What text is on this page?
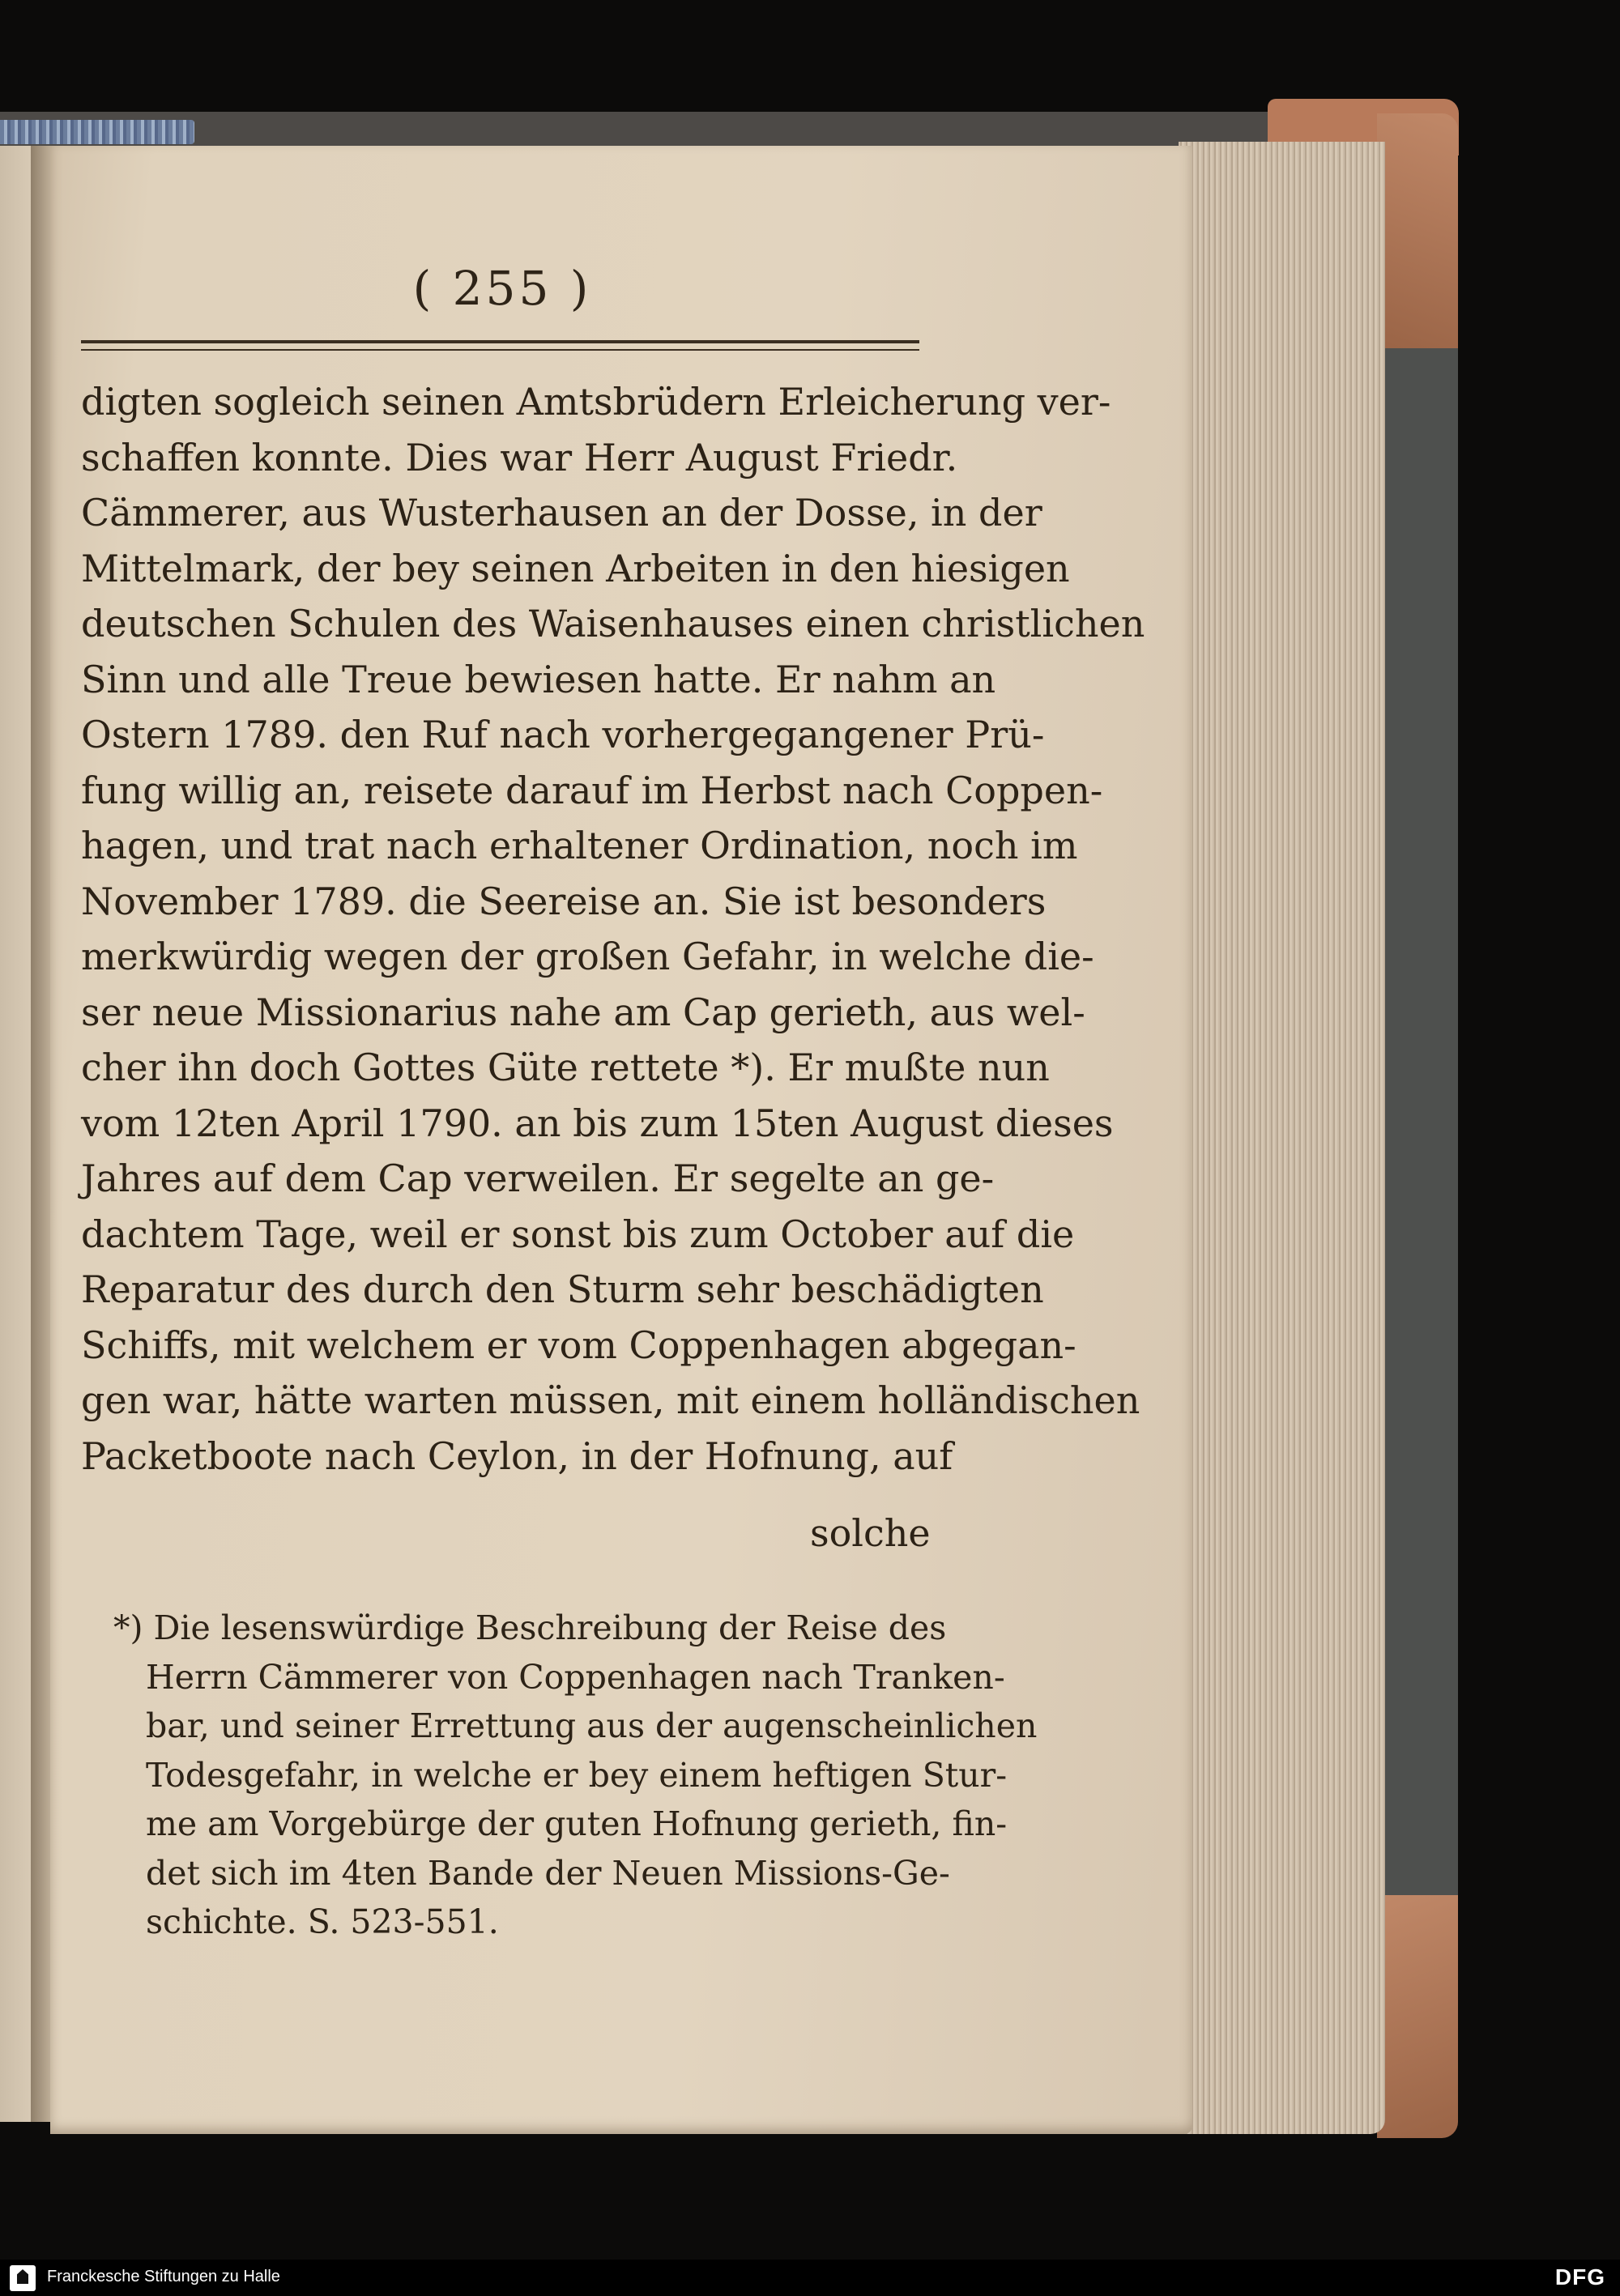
( 255 )
digten sogleich seinen Amtsbrüdern Erleicherung ver-
schaffen konnte. Dies war Herr August Friedr.
Cämmerer, aus Wusterhausen an der Dosse, in der
Mittelmark, der bey seinen Arbeiten in den hiesigen
deutschen Schulen des Waisenhauses einen christlichen
Sinn und alle Treue bewiesen hatte. Er nahm an
Ostern 1789. den Ruf nach vorhergegangener Prü-
fung willig an, reisete darauf im Herbst nach Coppen-
hagen, und trat nach erhaltener Ordination, noch im
November 1789. die Seereise an. Sie ist besonders
merkwürdig wegen der großen Gefahr, in welche die-
ser neue Missionarius nahe am Cap gerieth, aus wel-
cher ihn doch Gottes Güte rettete *). Er mußte nun
vom 12ten April 1790. an bis zum 15ten August dieses
Jahres auf dem Cap verweilen. Er segelte an ge-
dachtem Tage, weil er sonst bis zum October auf die
Reparatur des durch den Sturm sehr beschädigten
Schiffs, mit welchem er vom Coppenhagen abgegan-
gen war, hätte warten müssen, mit einem holländischen
Packetboote nach Ceylon, in der Hofnung, auf
solche
*) Die lesenswürdige Beschreibung der Reise des
Herrn Cämmerer von Coppenhagen nach Tranken-
bar, und seiner Errettung aus der augenscheinlichen
Todesgefahr, in welche er bey einem heftigen Stur-
me am Vorgebürge der guten Hofnung gerieth, fin-
det sich im 4ten Bande der Neuen Missions-Ge-
schichte. S. 523-551.
Franckesche Stiftungen zu Halle	DFG
